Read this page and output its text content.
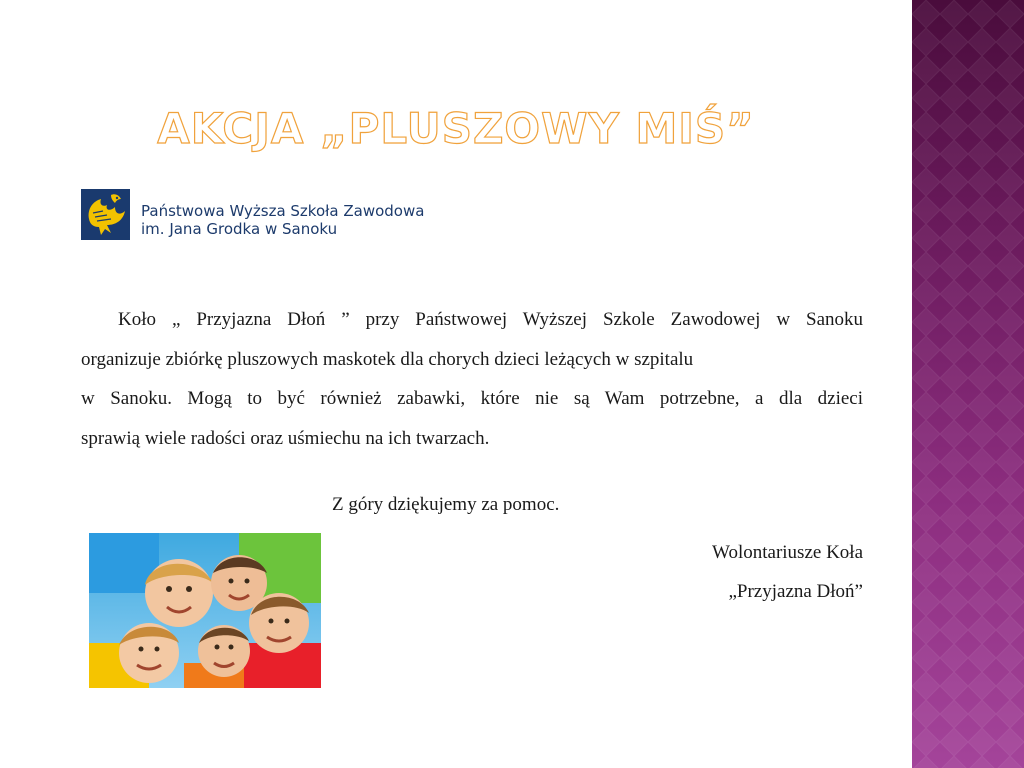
AKCJA „PLUSZOWY MIŚ”
Państwowa Wyższa Szkoła Zawodowa
im. Jana Grodka w Sanoku
Koło „ Przyjazna Dłoń ” przy Państwowej Wyższej Szkole Zawodowej w Sanoku
organizuje zbiórkę pluszowych maskotek dla chorych dzieci leżących w szpitalu
w Sanoku. Mogą to być również zabawki, które nie są Wam potrzebne, a dla dzieci
sprawią wiele radości oraz uśmiechu na ich twarzach.
Z góry dziękujemy za pomoc.
Wolontariusze Koła
„Przyjazna Dłoń”
